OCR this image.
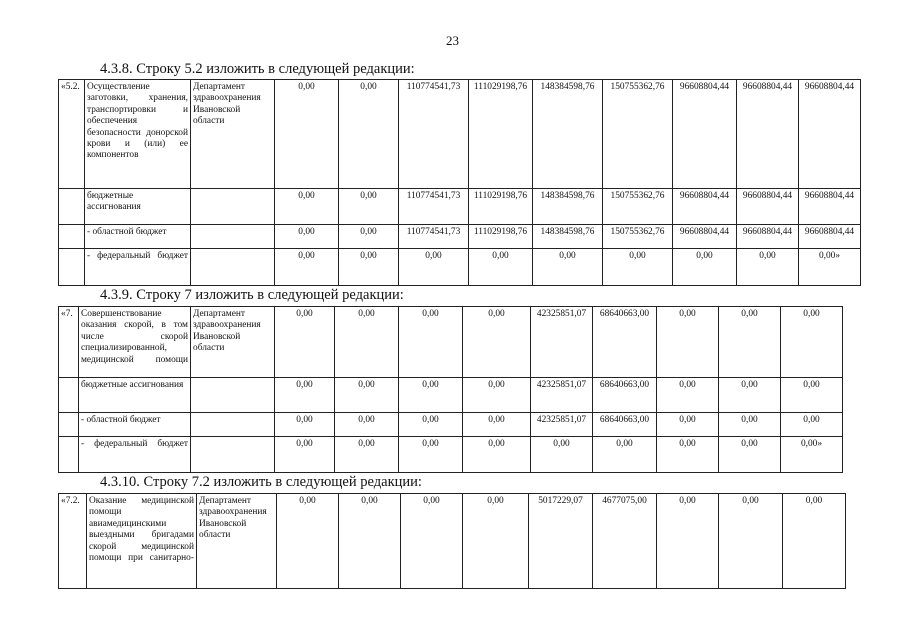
23
4.3.8. Строку 5.2 изложить в следующей редакции:
«5.2.	Осуществление заготовки, хранения, транспортировки и обеспечения безопасности донорской крови и (или) ее компонентов	Департамент здравоохранения Ивановской области	0,00	0,00	110774541,73	111029198,76	148384598,76	150755362,76	96608804,44	96608804,44	96608804,44
	бюджетные ассигнования		0,00	0,00	110774541,73	111029198,76	148384598,76	150755362,76	96608804,44	96608804,44	96608804,44
	- областной бюджет		0,00	0,00	110774541,73	111029198,76	148384598,76	150755362,76	96608804,44	96608804,44	96608804,44
	- федеральный бюджет		0,00	0,00	0,00	0,00	0,00	0,00	0,00	0,00	0,00»
4.3.9. Строку 7 изложить в следующей редакции:
«7.	Совершенствование оказания скорой, в том числе скорой специализированной, медицинской помощи	Департамент здравоохранения Ивановской области	0,00	0,00	0,00	0,00	42325851,07	68640663,00	0,00	0,00	0,00
	бюджетные ассигнования		0,00	0,00	0,00	0,00	42325851,07	68640663,00	0,00	0,00	0,00
	- областной бюджет		0,00	0,00	0,00	0,00	42325851,07	68640663,00	0,00	0,00	0,00
	- федеральный бюджет		0,00	0,00	0,00	0,00	0,00	0,00	0,00	0,00	0,00»
4.3.10. Строку 7.2 изложить в следующей редакции:
«7.2.	Оказание медицинской помощи авиамедицинскими выездными бригадами скорой медицинской помощи при санитарно-	Департамент здравоохранения Ивановской области	0,00	0,00	0,00	0,00	5017229,07	4677075,00	0,00	0,00	0,00
